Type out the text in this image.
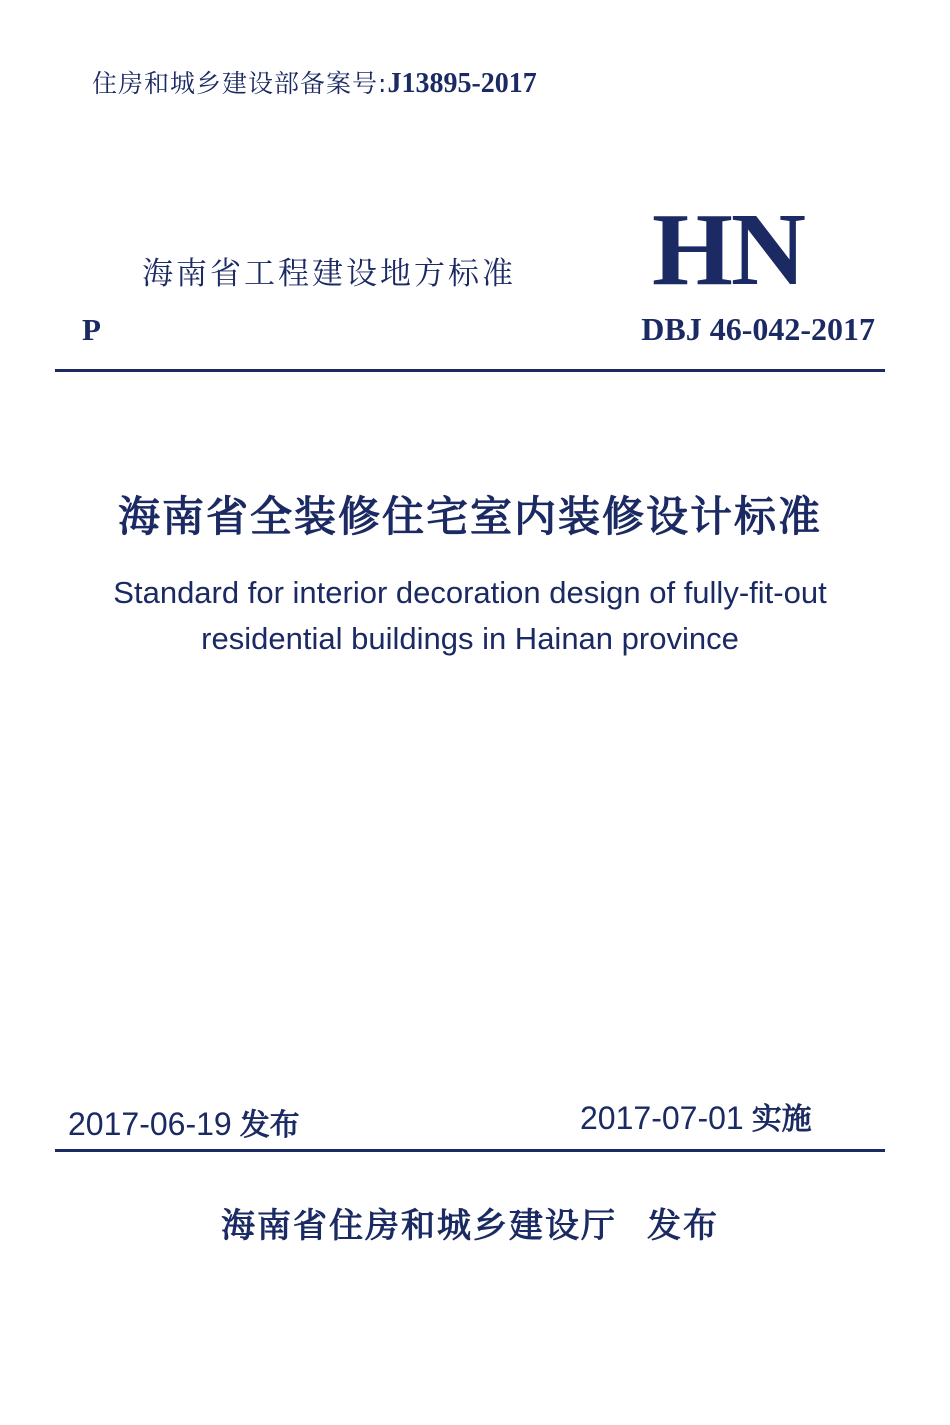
住房和城乡建设部备案号:J13895-2017
海南省工程建设地方标准 HN
P	DBJ 46-042-2017
海南省全装修住宅室内装修设计标准
Standard for interior decoration design of fully-fit-out
residential buildings in Hainan province
2017-06-19 发布	2017-07-01 实施
海南省住房和城乡建设厅 发布
